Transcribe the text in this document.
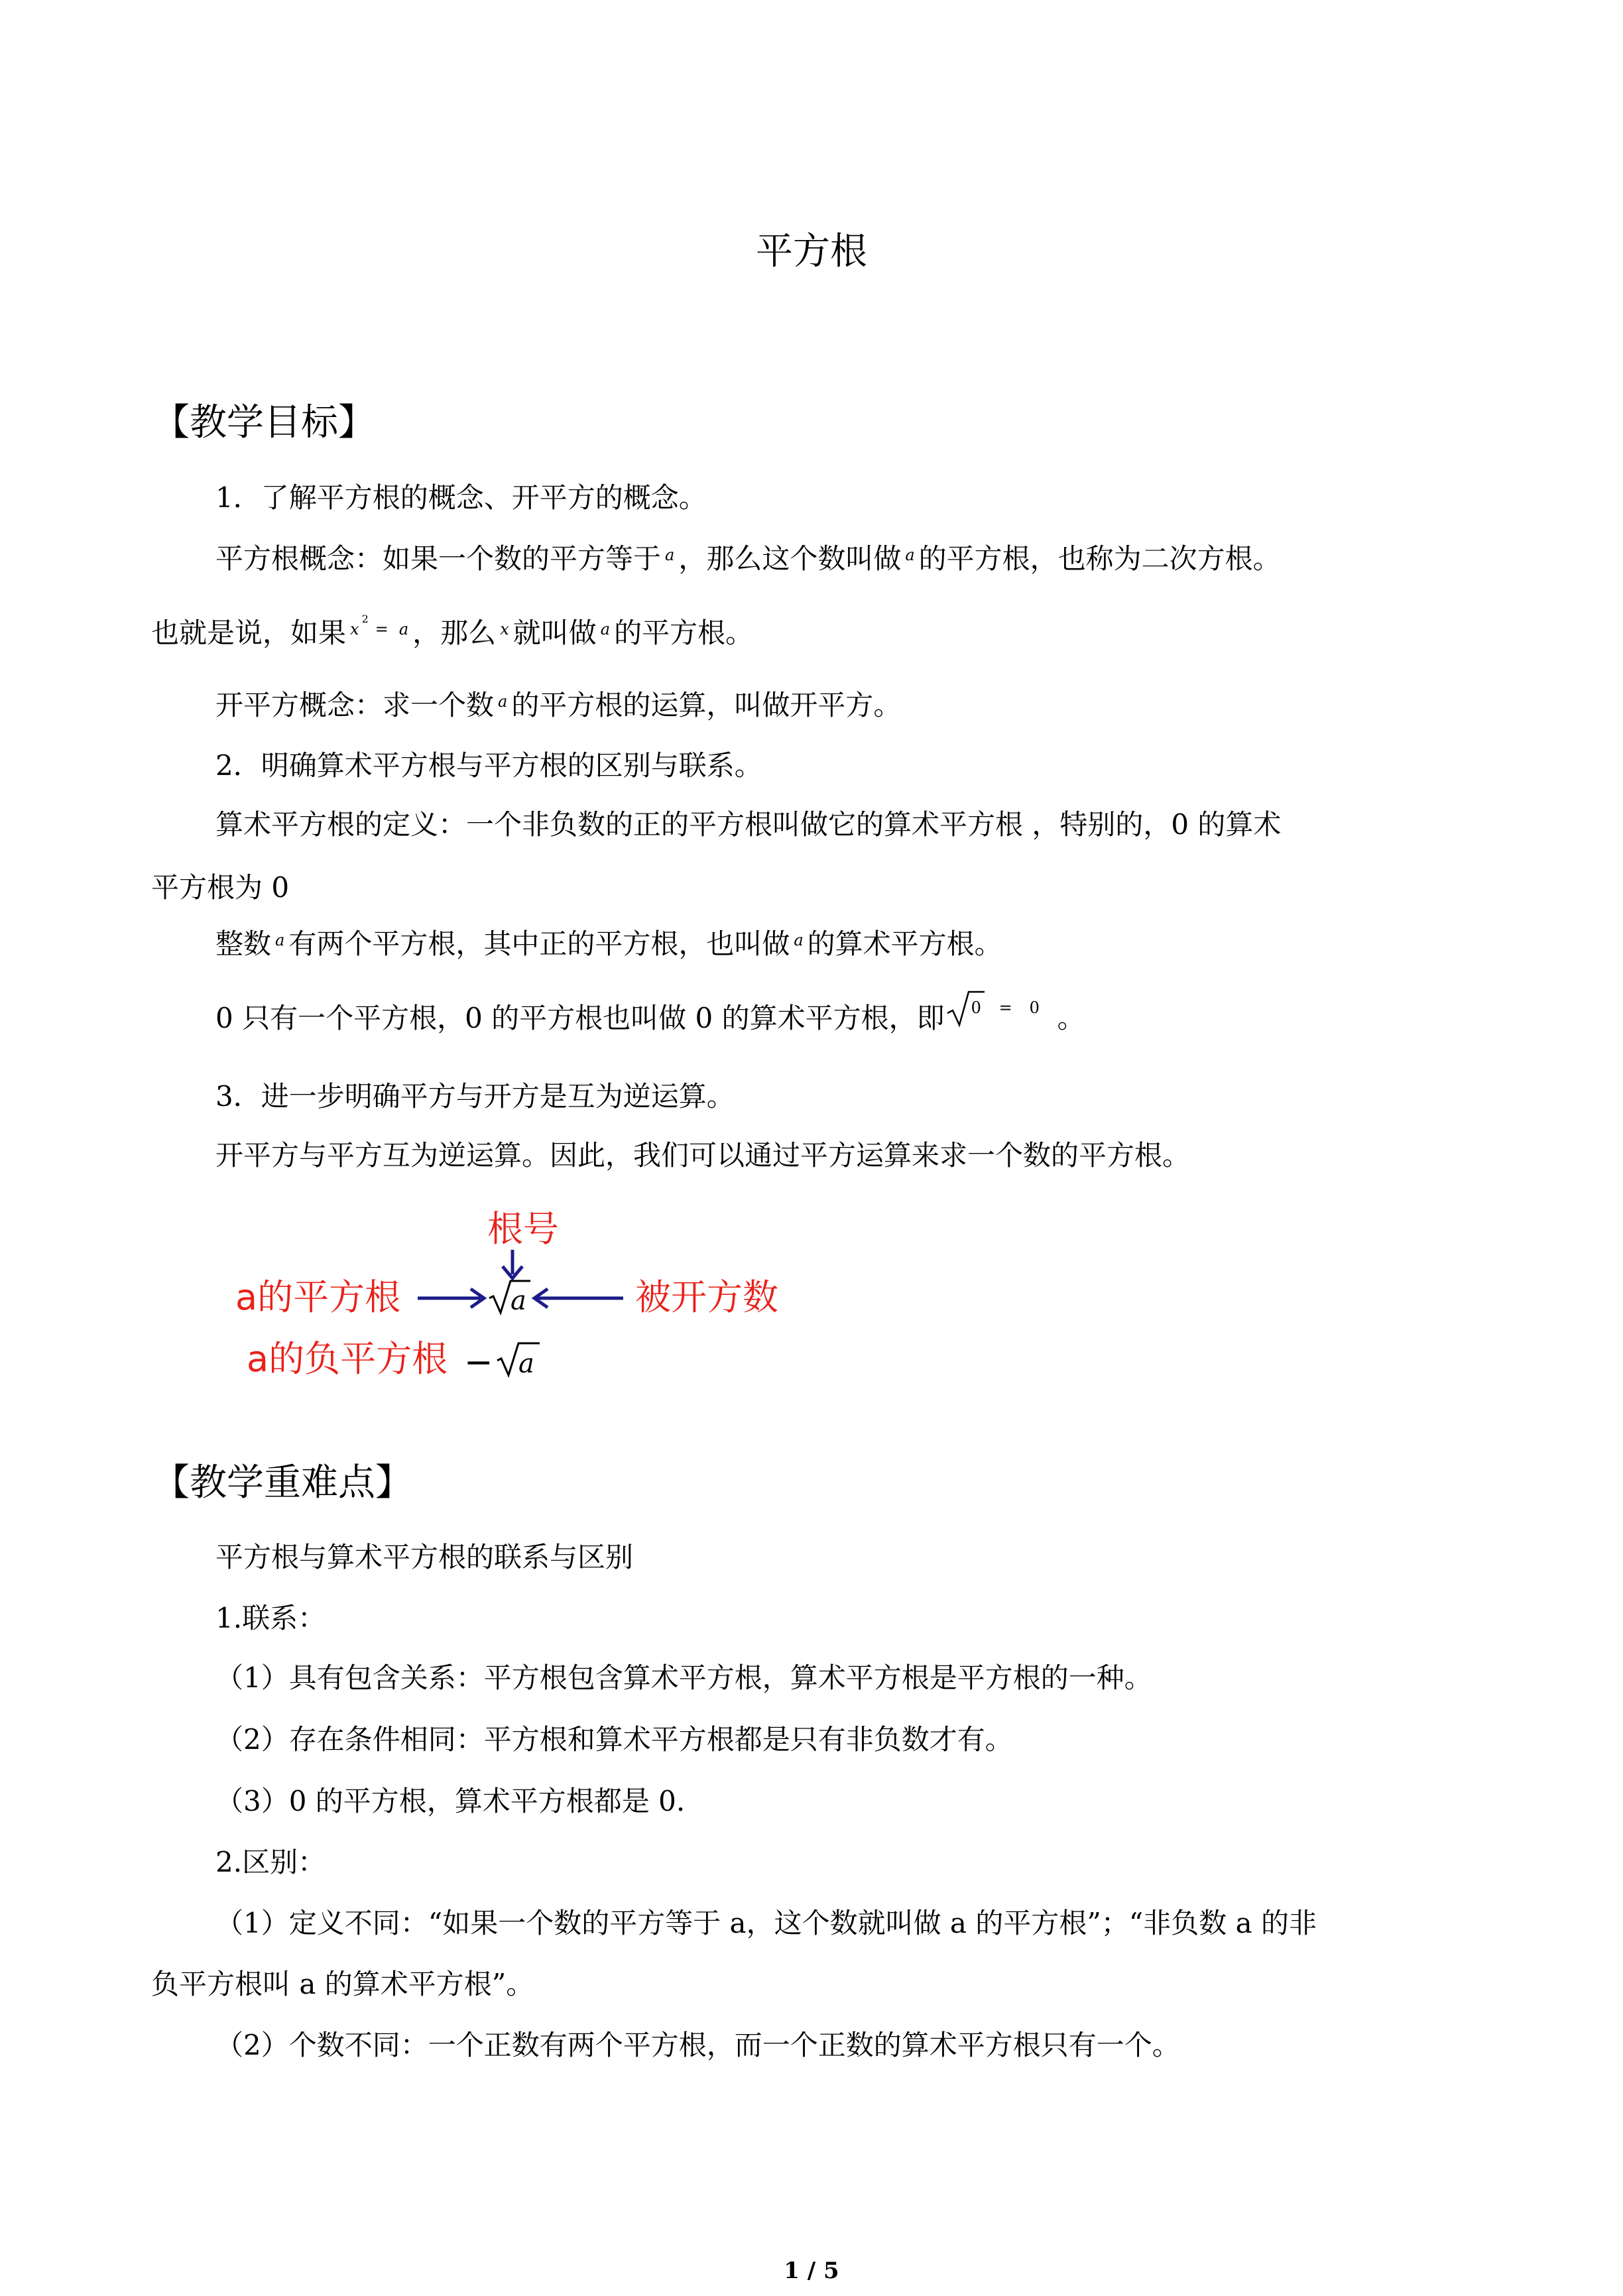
平方根
【教学目标】
1．了解平方根的概念、开平方的概念。
平方根概念：如果一个数的平方等于 $^a$ ，那么这个数叫做 $^a$ 的平方根，也称为二次方根。
也就是说，如果 $^{x2=}$ $^a$ ，那么 $^x$ 就叫做 $^a$ 的平方根。
开平方概念：求一个数 $^a$ 的平方根的运算，叫做开平方。
2．明确算术平方根与平方根的区别与联系。
算术平方根的定义：一个非负数的正的平方根叫做它的算术平方根 ，特别的，0 的算术
平方根为 0
整数 $^a$ 有两个平方根，其中正的平方根，也叫做 $^a$ 的算术平方根。
0 只有一个平方根，0 的平方根也叫做 0 的算术平方根，即 0 = 0 。
3．进一步明确平方与开方是互为逆运算。
开平方与平方互为逆运算。因此，我们可以通过平方运算来求一个数的平方根。
根号
a的平方根	a	被开方数
a的负平方根 − a
【教学重难点】
平方根与算术平方根的联系与区别
1.联系：
（1）具有包含关系：平方根包含算术平方根，算术平方根是平方根的一种。
（2）存在条件相同：平方根和算术平方根都是只有非负数才有。
（3）0 的平方根，算术平方根都是 0.
2.区别：
（1）定义不同：“如果一个数的平方等于 a，这个数就叫做 a 的平方根”；“非负数 a 的非
负平方根叫 a 的算术平方根”。
（2）个数不同：一个正数有两个平方根，而一个正数的算术平方根只有一个。
1 / 5
